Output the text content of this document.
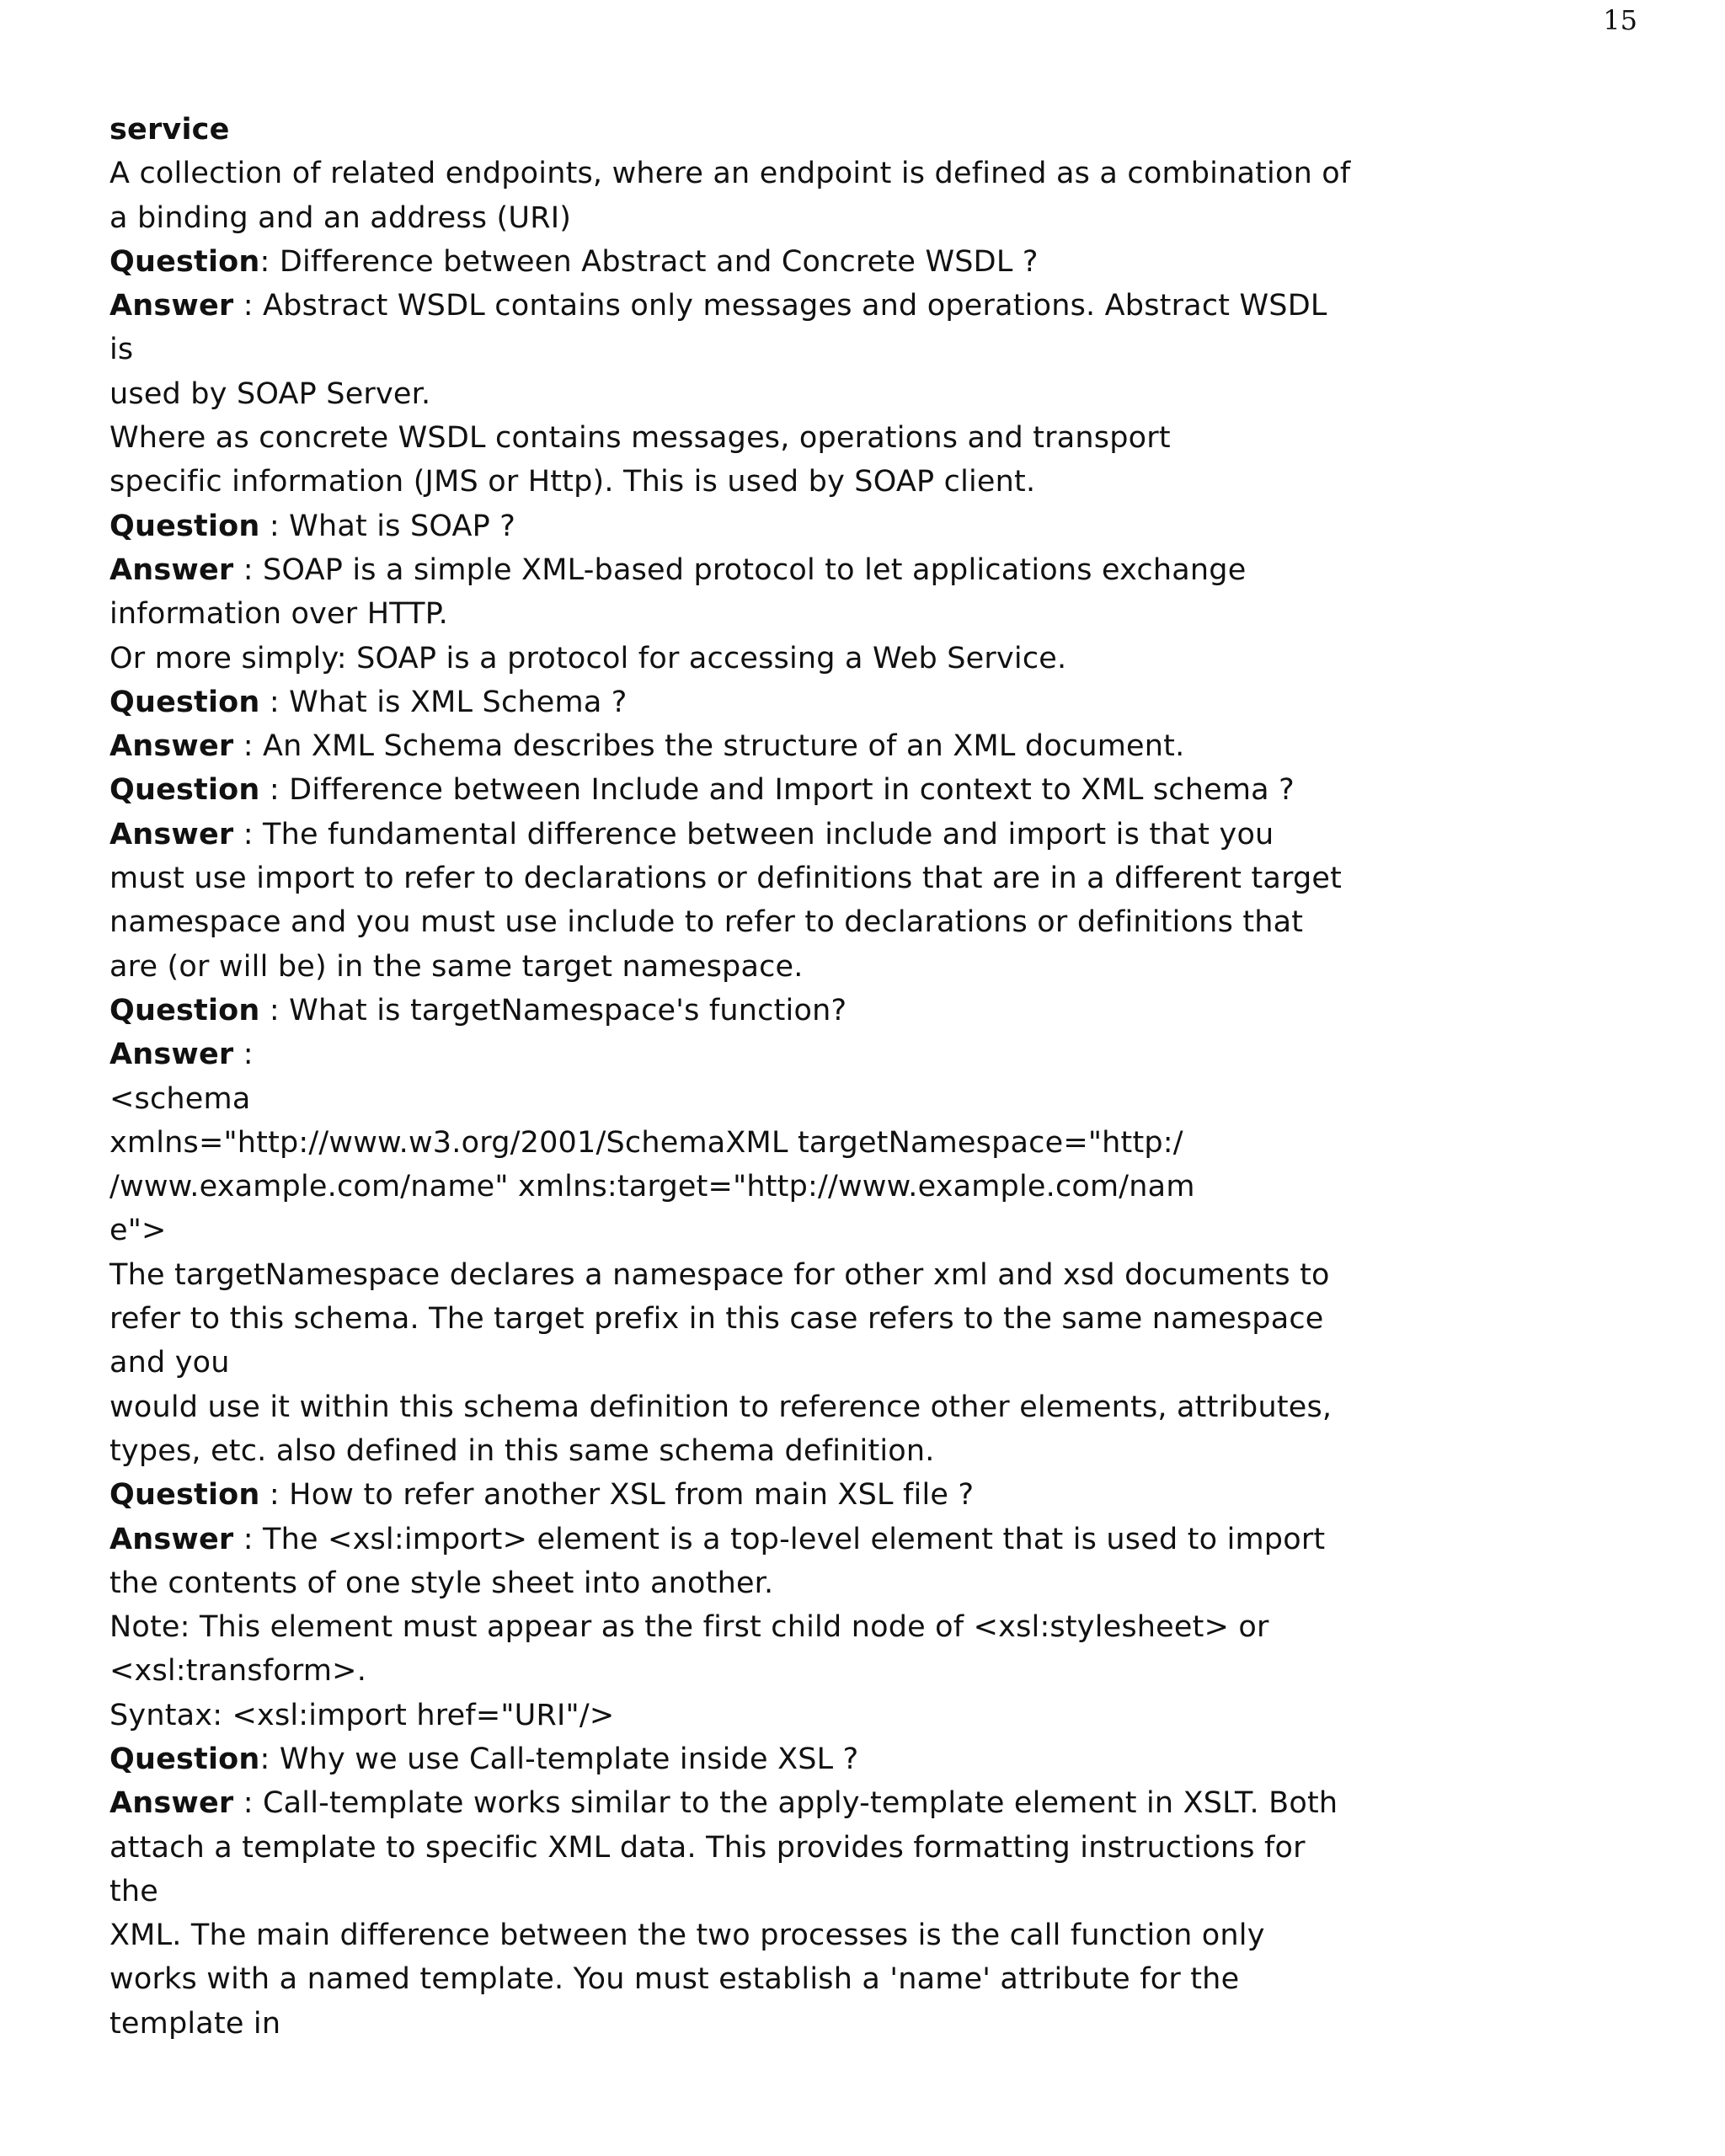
15
service
A collection of related endpoints, where an endpoint is defined as a combination of
a binding and an address (URI)
Question: Difference between Abstract and Concrete WSDL ?
Answer : Abstract WSDL contains only messages and operations. Abstract WSDL
is
used by SOAP Server.
Where as concrete WSDL contains messages, operations and transport
specific information (JMS or Http). This is used by SOAP client.
Question : What is SOAP ?
Answer : SOAP is a simple XML-based protocol to let applications exchange
information over HTTP.
Or more simply: SOAP is a protocol for accessing a Web Service.
Question : What is XML Schema ?
Answer : An XML Schema describes the structure of an XML document.
Question : Difference between Include and Import in context to XML schema ?
Answer : The fundamental difference between include and import is that you
must use import to refer to declarations or definitions that are in a different target
namespace and you must use include to refer to declarations or definitions that
are (or will be) in the same target namespace.
Question : What is targetNamespace's function?
Answer :
<schema
xmlns="http://www.w3.org/2001/SchemaXML targetNamespace="http:/
/www.example.com/name" xmlns:target="http://www.example.com/nam
e">
The targetNamespace declares a namespace for other xml and xsd documents to
refer to this schema. The target prefix in this case refers to the same namespace
and you
would use it within this schema definition to reference other elements, attributes,
types, etc. also defined in this same schema definition.
Question : How to refer another XSL from main XSL file ?
Answer : The <xsl:import> element is a top-level element that is used to import
the contents of one style sheet into another.
Note: This element must appear as the first child node of <xsl:stylesheet> or
<xsl:transform>.
Syntax: <xsl:import href="URI"/>
Question: Why we use Call-template inside XSL ?
Answer : Call-template works similar to the apply-template element in XSLT. Both
attach a template to specific XML data. This provides formatting instructions for
the
XML. The main difference between the two processes is the call function only
works with a named template. You must establish a 'name' attribute for the
template in
